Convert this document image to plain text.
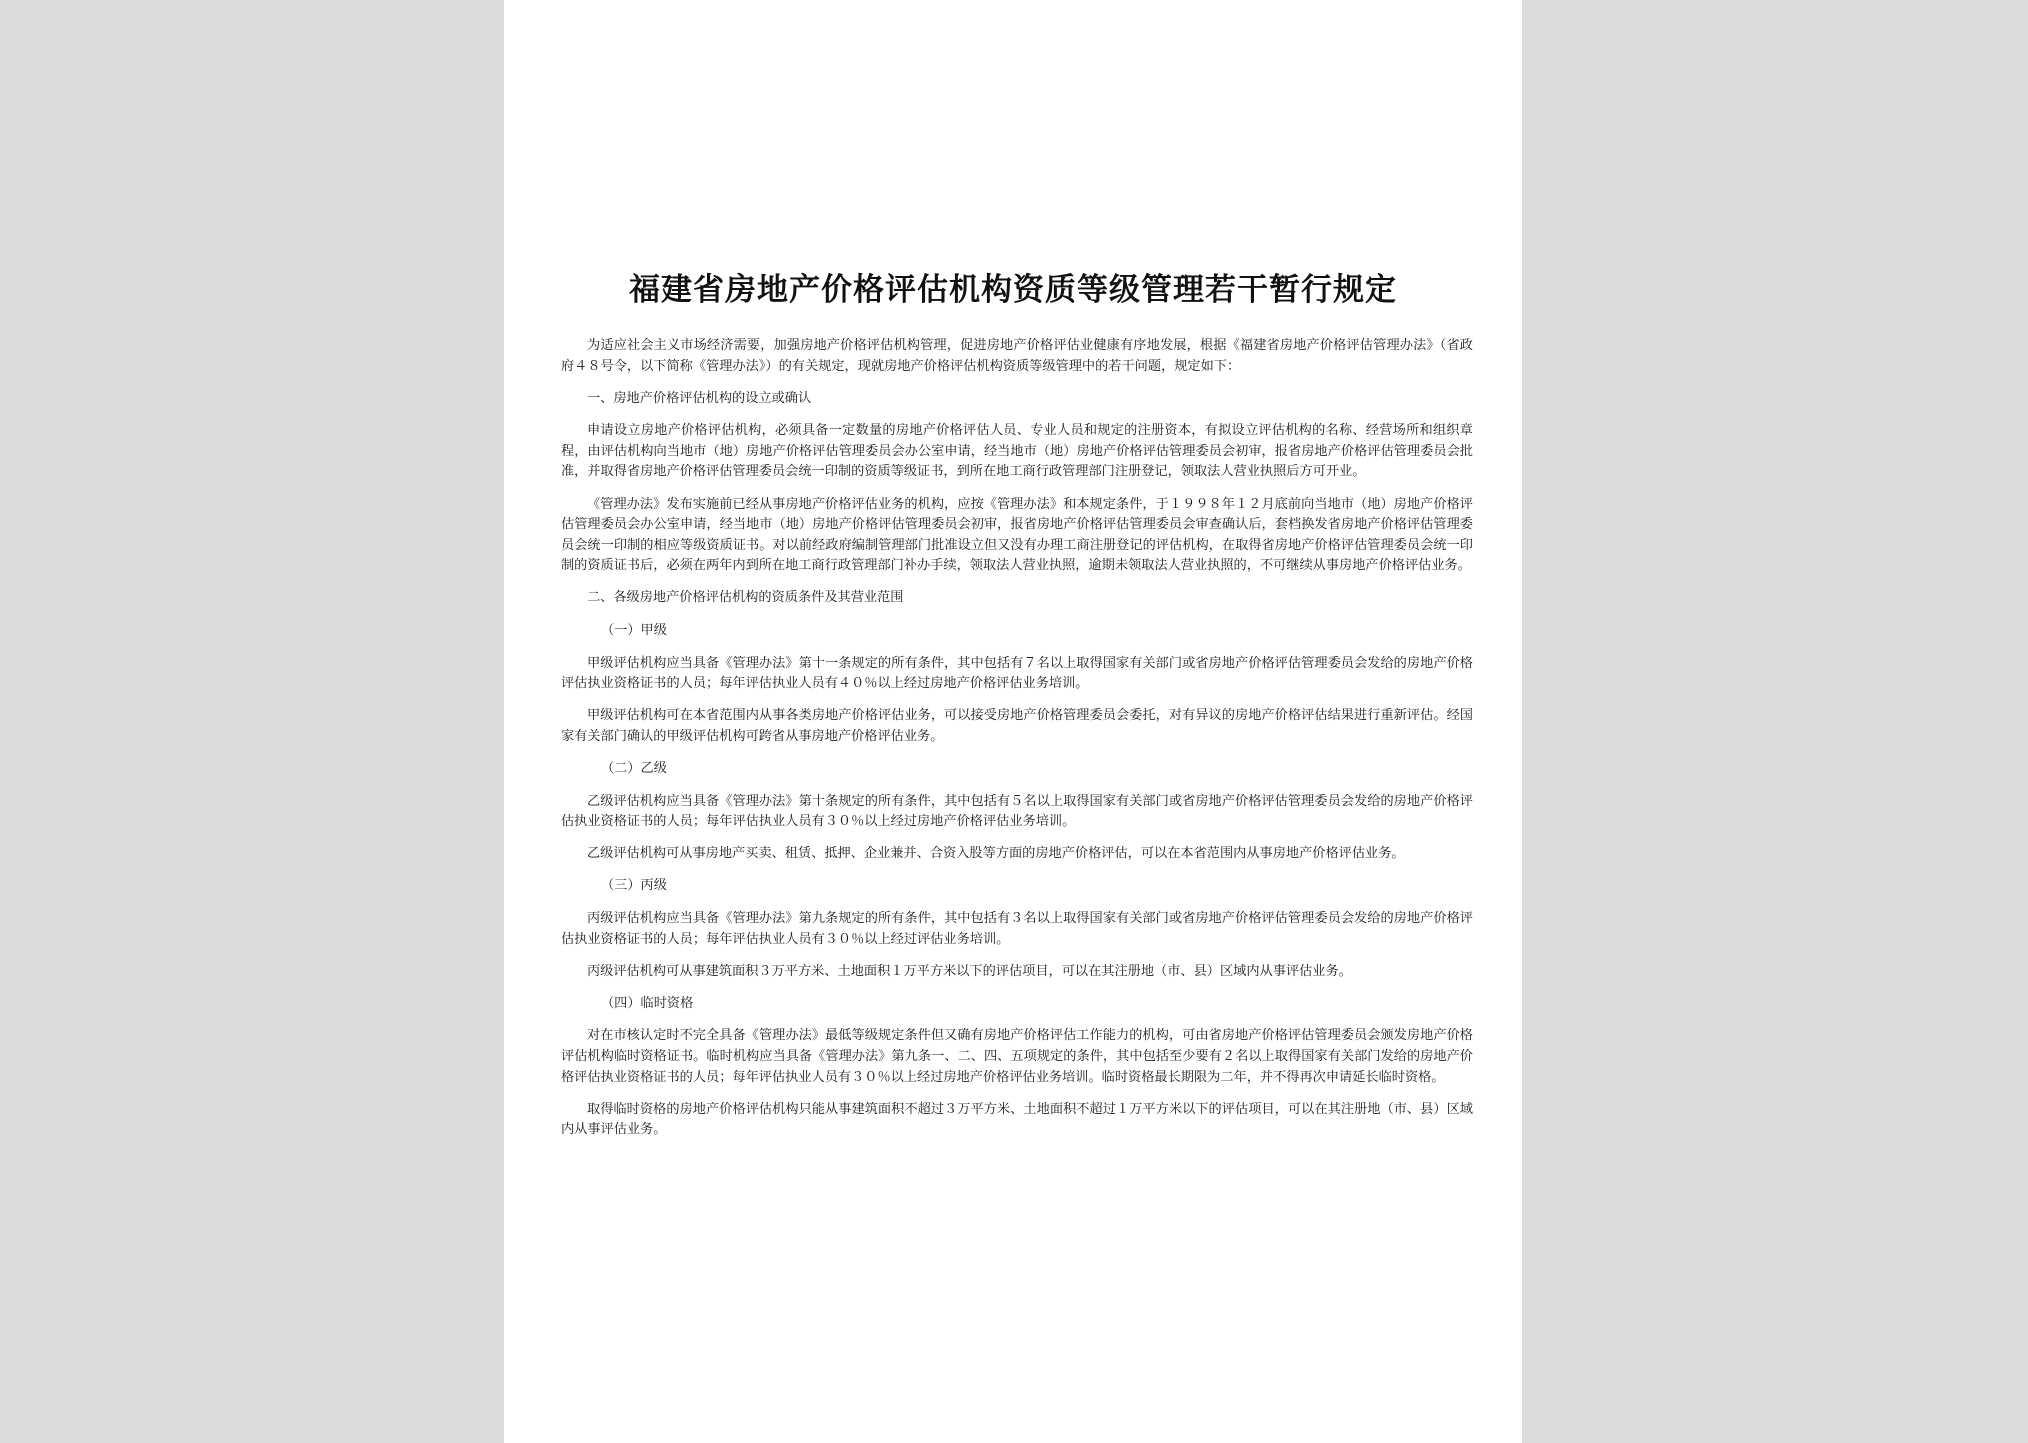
福建省房地产价格评估机构资质等级管理若干暂行规定

为适应社会主义市场经济需要，加强房地产价格评估机构管理，促进房地产价格评估业健康有序地发展，根据《福建省房地产价格评估管理办法》（省政府４８号令，以下简称《管理办法》）的有关规定，现就房地产价格评估机构资质等级管理中的若干问题，规定如下：

一、房地产价格评估机构的设立或确认

申请设立房地产价格评估机构，必须具备一定数量的房地产价格评估人员、专业人员和规定的注册资本，有拟设立评估机构的名称、经营场所和组织章程，由评估机构向当地市（地）房地产价格评估管理委员会办公室申请，经当地市（地）房地产价格评估管理委员会初审，报省房地产价格评估管理委员会批准，并取得省房地产价格评估管理委员会统一印制的资质等级证书，到所在地工商行政管理部门注册登记，领取法人营业执照后方可开业。

《管理办法》发布实施前已经从事房地产价格评估业务的机构，应按《管理办法》和本规定条件，于１９９８年１２月底前向当地市（地）房地产价格评估管理委员会办公室申请，经当地市（地）房地产价格评估管理委员会初审，报省房地产价格评估管理委员会审查确认后，套档换发省房地产价格评估管理委员会统一印制的相应等级资质证书。对以前经政府编制管理部门批准设立但又没有办理工商注册登记的评估机构，在取得省房地产价格评估管理委员会统一印制的资质证书后，必须在两年内到所在地工商行政管理部门补办手续，领取法人营业执照，逾期未领取法人营业执照的，不可继续从事房地产价格评估业务。

二、各级房地产价格评估机构的资质条件及其营业范围

（一）甲级

甲级评估机构应当具备《管理办法》第十一条规定的所有条件，其中包括有７名以上取得国家有关部门或省房地产价格评估管理委员会发给的房地产价格评估执业资格证书的人员；每年评估执业人员有４０％以上经过房地产价格评估业务培训。

甲级评估机构可在本省范围内从事各类房地产价格评估业务，可以接受房地产价格管理委员会委托，对有异议的房地产价格评估结果进行重新评估。经国家有关部门确认的甲级评估机构可跨省从事房地产价格评估业务。

（二）乙级

乙级评估机构应当具备《管理办法》第十条规定的所有条件，其中包括有５名以上取得国家有关部门或省房地产价格评估管理委员会发给的房地产价格评估执业资格证书的人员；每年评估执业人员有３０％以上经过房地产价格评估业务培训。

乙级评估机构可从事房地产买卖、租赁、抵押、企业兼并、合资入股等方面的房地产价格评估，可以在本省范围内从事房地产价格评估业务。

（三）丙级

丙级评估机构应当具备《管理办法》第九条规定的所有条件，其中包括有３名以上取得国家有关部门或省房地产价格评估管理委员会发给的房地产价格评估执业资格证书的人员；每年评估执业人员有３０％以上经过评估业务培训。

丙级评估机构可从事建筑面积３万平方米、土地面积１万平方米以下的评估项目，可以在其注册地（市、县）区域内从事评估业务。

（四）临时资格

对在市核认定时不完全具备《管理办法》最低等级规定条件但又确有房地产价格评估工作能力的机构，可由省房地产价格评估管理委员会颁发房地产价格评估机构临时资格证书。临时机构应当具备《管理办法》第九条一、二、四、五项规定的条件，其中包括至少要有２名以上取得国家有关部门发给的房地产价格评估执业资格证书的人员；每年评估执业人员有３０％以上经过房地产价格评估业务培训。临时资格最长期限为二年，并不得再次申请延长临时资格。

取得临时资格的房地产价格评估机构只能从事建筑面积不超过３万平方米、土地面积不超过１万平方米以下的评估项目，可以在其注册地（市、县）区域内从事评估业务。
